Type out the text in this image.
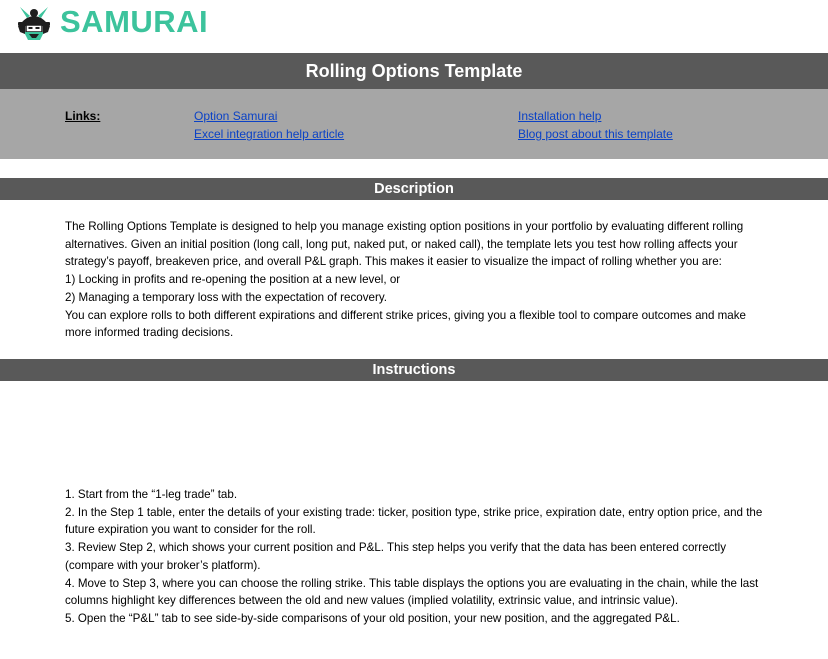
SAMURAI
Rolling Options Template
Links:	Option Samurai
Excel integration help article
Installation help
Blog post about this template
Description

The Rolling Options Template is designed to help you manage existing option positions in your portfolio by evaluating different rolling alternatives. Given an initial position (long call, long put, naked put, or naked call), the template lets you test how rolling affects your strategy’s payoff, breakeven price, and overall P&L graph. This makes it easier to visualize the impact of rolling whether you are:

1) Locking in profits and re-opening the position at a new level, or

2) Managing a temporary loss with the expectation of recovery.

You can explore rolls to both different expirations and different strike prices, giving you a flexible tool to compare outcomes and make more informed trading decisions.

Instructions

1. Start from the “1-leg trade” tab.

2. In the Step 1 table, enter the details of your existing trade: ticker, position type, strike price, expiration date, entry option price, and the future expiration you want to consider for the roll.

3. Review Step 2, which shows your current position and P&L. This step helps you verify that the data has been entered correctly (compare with your broker’s platform).

4. Move to Step 3, where you can choose the rolling strike. This table displays the options you are evaluating in the chain, while the last columns highlight key differences between the old and new values (implied volatility, extrinsic value, and intrinsic value).

5. Open the “P&L” tab to see side-by-side comparisons of your old position, your new position, and the aggregated P&L.
